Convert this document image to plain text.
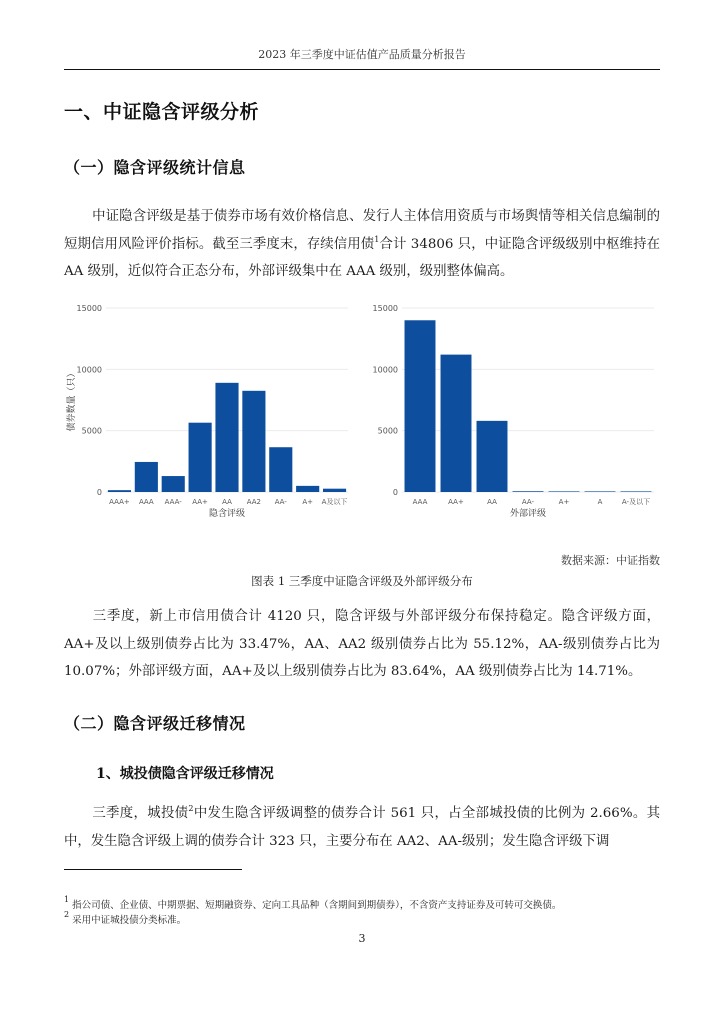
2023 年三季度中证估值产品质量分析报告
一、中证隐含评级分析
（一）隐含评级统计信息
中证隐含评级是基于债券市场有效价格信息、发行人主体信用资质与市场舆情等相关信息编制的短期信用风险评价指标。截至三季度末，存续信用债$^1$合计 34806 只，中证隐含评级级别中枢维持在 AA 级别，近似符合正态分布，外部评级集中在 AAA 级别，级别整体偏高。
0
5000
10000
15000
AAA+ AAA AAA- AA+ AA AA2 AA- A+ A及以下
隐含评级
债券数量（只）
0
5000
10000
15000
AAA	AA+	AA	AA-	A+	A	A-及以下
外部评级
数据来源：中证指数
图表 1 三季度中证隐含评级及外部评级分布
三季度，新上市信用债合计 4120 只，隐含评级与外部评级分布保持稳定。隐含评级方面，AA+及以上级别债券占比为 33.47%，AA、AA2 级别债券占比为 55.12%，AA-级别债券占比为 10.07%；外部评级方面，AA+及以上级别债券占比为 83.64%，AA 级别债券占比为 14.71%。
（二）隐含评级迁移情况
1、城投债隐含评级迁移情况
三季度，城投债$^2$中发生隐含评级调整的债券合计 561 只，占全部城投债的比例为 2.66%。其中，发生隐含评级上调的债券合计 323 只，主要分布在 AA2、AA-级别；发生隐含评级下调
$^1$ 指公司债、企业债、中期票据、短期融资券、定向工具品种（含期间到期债券），不含资产支持证券及可转可交换债。
$^2$ 采用中证城投债分类标准。
3
